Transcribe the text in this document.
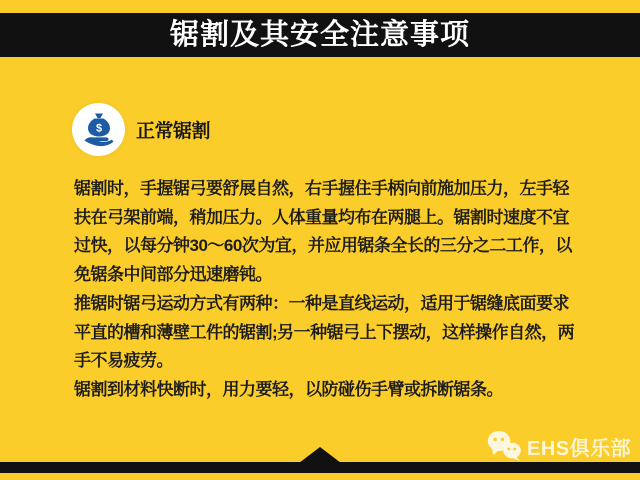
锯割及其安全注意事项
$ 正常锯割
锯割时，手握锯弓要舒展自然，右手握住手柄向前施加压力，左手轻
扶在弓架前端，稍加压力。人体重量均布在两腿上。锯割时速度不宜
过快，以每分钟30～60次为宜，并应用锯条全长的三分之二工作，以
免锯条中间部分迅速磨钝。
推锯时锯弓运动方式有两种：一种是直线运动，适用于锯缝底面要求
平直的槽和薄壁工件的锯割;另一种锯弓上下摆动，这样操作自然，两
手不易疲劳。
锯割到材料快断时，用力要轻，以防碰伤手臂或拆断锯条。
EHS俱乐部
